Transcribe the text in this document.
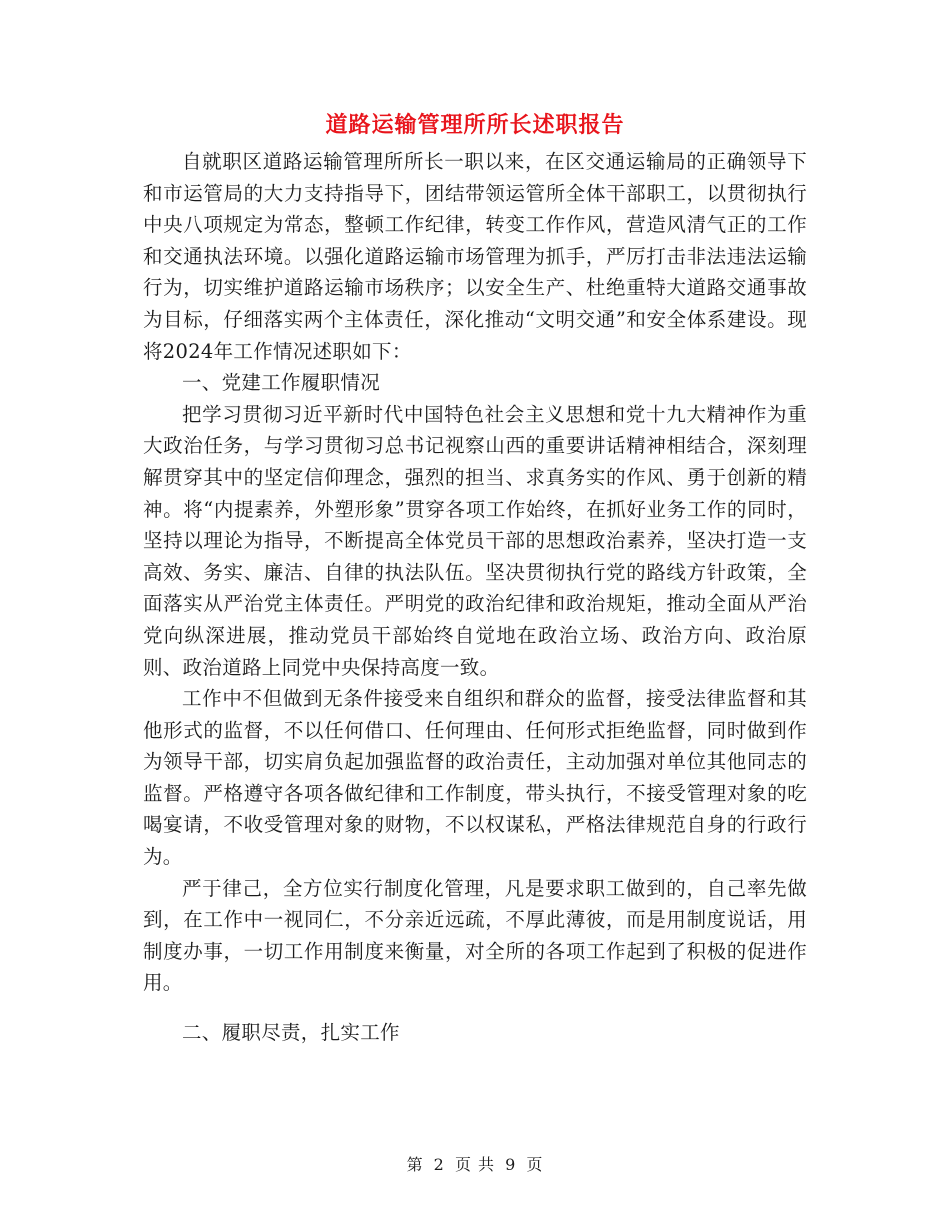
道路运输管理所所长述职报告

自就职区道路运输管理所所长一职以来，在区交通运输局的正确领导下和市运管局的大力支持指导下，团结带领运管所全体干部职工，以贯彻执行中央八项规定为常态，整顿工作纪律，转变工作作风，营造风清气正的工作和交通执法环境。以强化道路运输市场管理为抓手，严厉打击非法违法运输行为，切实维护道路运输市场秩序；以安全生产、杜绝重特大道路交通事故为目标，仔细落实两个主体责任，深化推动“文明交通”和安全体系建设。现将2024年工作情况述职如下：

一、党建工作履职情况

把学习贯彻习近平新时代中国特色社会主义思想和党十九大精神作为重大政治任务，与学习贯彻习总书记视察山西的重要讲话精神相结合，深刻理解贯穿其中的坚定信仰理念，强烈的担当、求真务实的作风、勇于创新的精神。将“内提素养，外塑形象”贯穿各项工作始终，在抓好业务工作的同时，坚持以理论为指导，不断提高全体党员干部的思想政治素养，坚决打造一支高效、务实、廉洁、自律的执法队伍。坚决贯彻执行党的路线方针政策，全面落实从严治党主体责任。严明党的政治纪律和政治规矩，推动全面从严治党向纵深进展，推动党员干部始终自觉地在政治立场、政治方向、政治原则、政治道路上同党中央保持高度一致。

工作中不但做到无条件接受来自组织和群众的监督，接受法律监督和其他形式的监督，不以任何借口、任何理由、任何形式拒绝监督，同时做到作为领导干部，切实肩负起加强监督的政治责任，主动加强对单位其他同志的监督。严格遵守各项各做纪律和工作制度，带头执行，不接受管理对象的吃喝宴请，不收受管理对象的财物，不以权谋私，严格法律规范自身的行政行为。

严于律己，全方位实行制度化管理，凡是要求职工做到的，自己率先做到，在工作中一视同仁，不分亲近远疏，不厚此薄彼，而是用制度说话，用制度办事，一切工作用制度来衡量，对全所的各项工作起到了积极的促进作用。

二、履职尽责，扎实工作

第 2 页 共 9 页
